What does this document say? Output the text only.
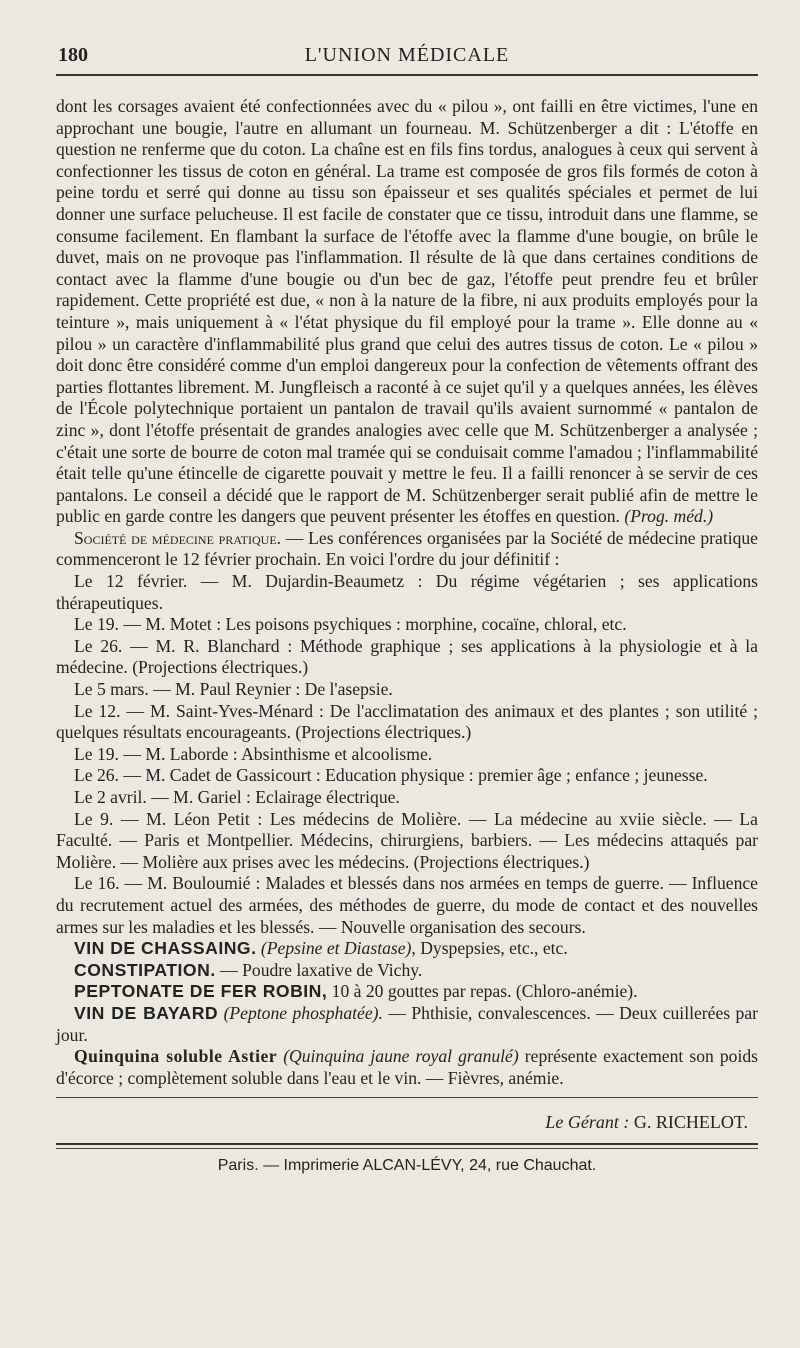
180	L'UNION MÉDICALE

dont les corsages avaient été confectionnées avec du « pilou », ont failli en être victimes, l'une en approchant une bougie, l'autre en allumant un fourneau. M. Schützenberger a dit : L'étoffe en question ne renferme que du coton. La chaîne est en fils fins tordus, analogues à ceux qui servent à confectionner les tissus de coton en général. La trame est composée de gros fils formés de coton à peine tordu et serré qui donne au tissu son épaisseur et ses qualités spéciales et permet de lui donner une surface pelucheuse. Il est facile de constater que ce tissu, introduit dans une flamme, se consume facilement. En flambant la surface de l'étoffe avec la flamme d'une bougie, on brûle le duvet, mais on ne provoque pas l'inflammation. Il résulte de là que dans certaines conditions de contact avec la flamme d'une bougie ou d'un bec de gaz, l'étoffe peut prendre feu et brûler rapidement. Cette propriété est due, « non à la nature de la fibre, ni aux produits employés pour la teinture », mais uniquement à « l'état physique du fil employé pour la trame ». Elle donne au « pilou » un caractère d'inflammabilité plus grand que celui des autres tissus de coton. Le « pilou » doit donc être considéré comme d'un emploi dangereux pour la confection de vêtements offrant des parties flottantes librement. M. Jungfleisch a raconté à ce sujet qu'il y a quelques années, les élèves de l'École polytechnique portaient un pantalon de travail qu'ils avaient surnommé « pantalon de zinc », dont l'étoffe présentait de grandes analogies avec celle que M. Schützenberger a analysée ; c'était une sorte de bourre de coton mal tramée qui se conduisait comme l'amadou ; l'inflammabilité était telle qu'une étincelle de cigarette pouvait y mettre le feu. Il a failli renoncer à se servir de ces pantalons. Le conseil a décidé que le rapport de M. Schützenberger serait publié afin de mettre le public en garde contre les dangers que peuvent présenter les étoffes en question. (Prog. méd.)

Société de médecine pratique. — Les conférences organisées par la Société de médecine pratique commenceront le 12 février prochain. En voici l'ordre du jour définitif :

Le 12 février. — M. Dujardin-Beaumetz : Du régime végétarien ; ses applications thérapeutiques.

Le 19. — M. Motet : Les poisons psychiques : morphine, cocaïne, chloral, etc.

Le 26. — M. R. Blanchard : Méthode graphique ; ses applications à la physiologie et à la médecine. (Projections électriques.)

Le 5 mars. — M. Paul Reynier : De l'asepsie.

Le 12. — M. Saint-Yves-Ménard : De l'acclimatation des animaux et des plantes ; son utilité ; quelques résultats encourageants. (Projections électriques.)

Le 19. — M. Laborde : Absinthisme et alcoolisme.

Le 26. — M. Cadet de Gassicourt : Education physique : premier âge ; enfance ; jeunesse.

Le 2 avril. — M. Gariel : Eclairage électrique.

Le 9. — M. Léon Petit : Les médecins de Molière. — La médecine au xviie siècle. — La Faculté. — Paris et Montpellier. Médecins, chirurgiens, barbiers. — Les médecins attaqués par Molière. — Molière aux prises avec les médecins. (Projections électriques.)

Le 16. — M. Bouloumié : Malades et blessés dans nos armées en temps de guerre. — Influence du recrutement actuel des armées, des méthodes de guerre, du mode de contact et des nouvelles armes sur les maladies et les blessés. — Nouvelle organisation des secours.

VIN DE CHASSAING. (Pepsine et Diastase), Dyspepsies, etc., etc.

CONSTIPATION. — Poudre laxative de Vichy.

PEPTONATE DE FER ROBIN, 10 à 20 gouttes par repas. (Chloro-anémie).

VIN DE BAYARD (Peptone phosphatée). — Phthisie, convalescences. — Deux cuillerées par jour.

Quinquina soluble Astier (Quinquina jaune royal granulé) représente exactement son poids d'écorce ; complètement soluble dans l'eau et le vin. — Fièvres, anémie.

Le Gérant : G. RICHELOT.
Paris. — Imprimerie ALCAN-LÉVY, 24, rue Chauchat.
